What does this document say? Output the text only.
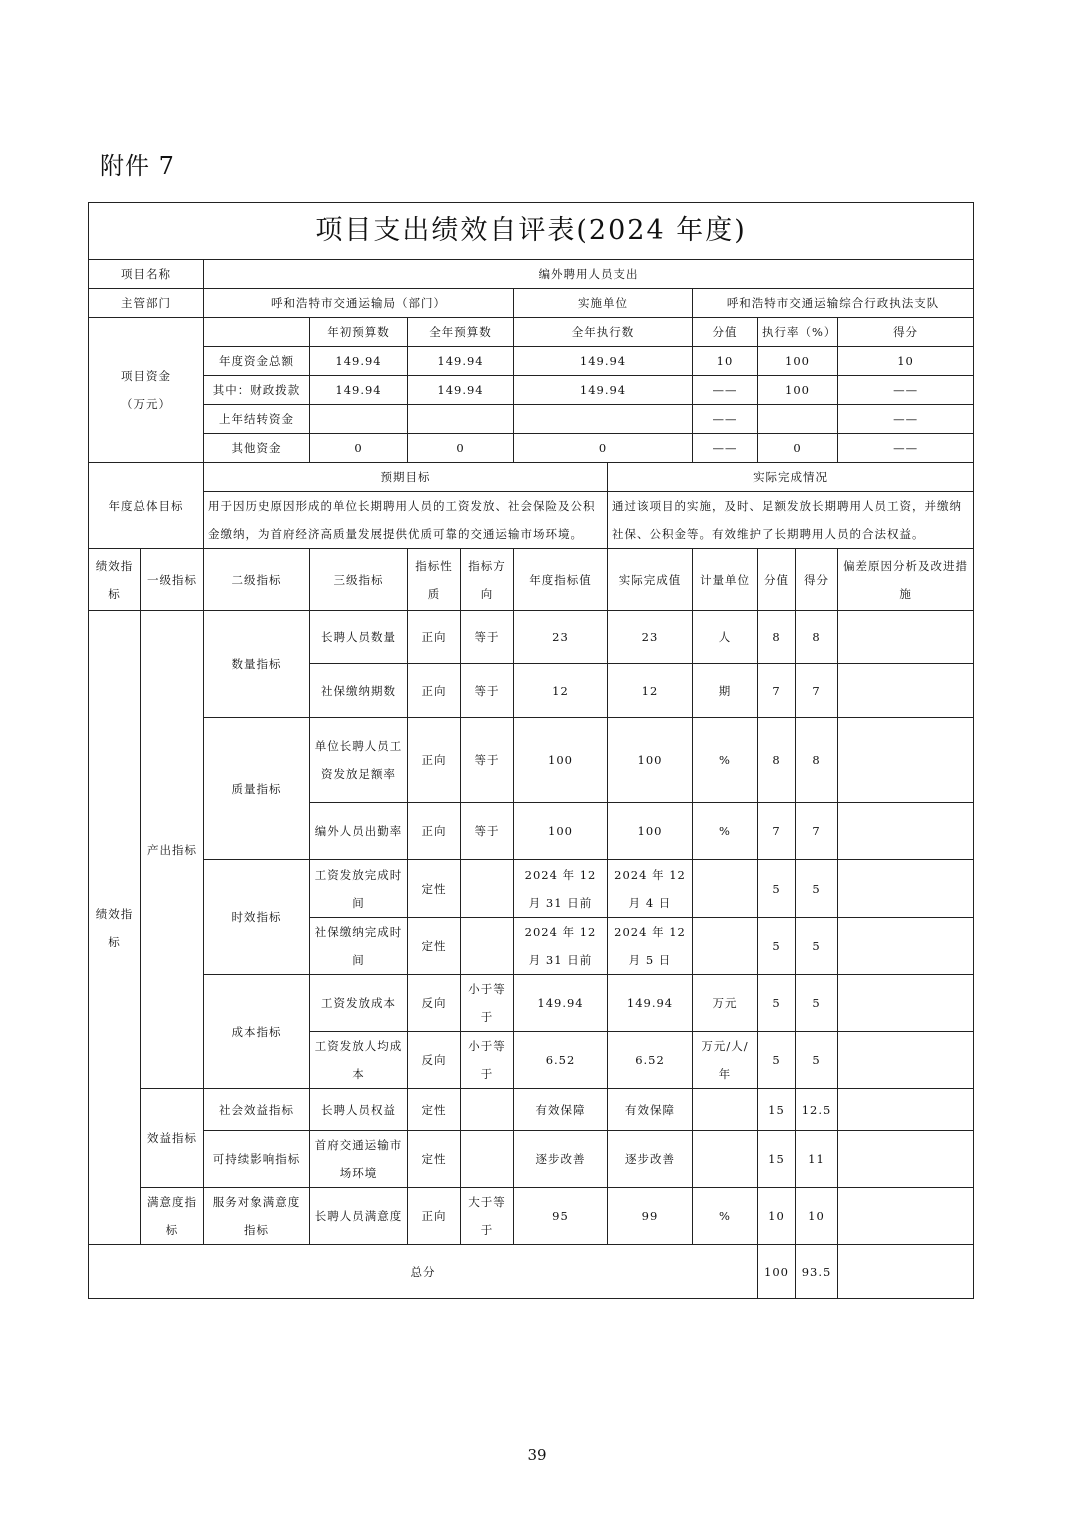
附件 7
项目支出绩效自评表(2024 年度)											
项目名称		编外聘用人员支出									
主管部门		呼和浩特市交通运输局（部门）				实施单位		呼和浩特市交通运输综合行政执法支队			

项目资金
（万元）			年初预算数	全年预算数		全年执行数		分值	执行率（%）		得分
		年度资金总额	149.94	149.94		149.94		10	100		10
		其中：财政拨款	149.94	149.94		149.94		——	100		——
		上年结转资金						——			——
		其他资金	0	0		0		——	0		——
年度总体目标		预期目标					实际完成情况				
		用于因历史原因形成的单位长期聘用人员的工资发放、社会保险及公积金缴纳，为首府经济高质量发展提供优质可靠的交通运输市场环境。					通过该项目的实施，及时、足额发放长期聘用人员工资，并缴纳社保、公积金等。有效维护了长期聘用人员的合法权益。				
绩效指标	一级指标	二级指标	三级指标	指标性质	指标方向	年度指标值	实际完成值	计量单位	分值	得分	偏差原因分析及改进措施
绩效指标	产出指标	数量指标	长聘人员数量	正向	等于	23	23	人	8	8	
			社保缴纳期数	正向	等于	12	12	期	7	7	
		质量指标	单位长聘人员工资发放足额率	正向	等于	100	100	%	8	8	
			编外人员出勤率	正向	等于	100	100	%	7	7	
		时效指标	工资发放完成时间	定性		2024 年 12 月 31 日前	2024 年 12 月 4 日		5	5	
			社保缴纳完成时间	定性		2024 年 12 月 31 日前	2024 年 12 月 5 日		5	5	
		成本指标	工资发放成本	反向	小于等于	149.94	149.94	万元	5	5	
			工资发放人均成本	反向	小于等于	6.52	6.52	万元/人/年	5	5	
	效益指标	社会效益指标	长聘人员权益	定性		有效保障	有效保障		15	12.5	
		可持续影响指标	首府交通运输市场环境	定性		逐步改善	逐步改善		15	11	
	满意度指标	服务对象满意度指标	长聘人员满意度	正向	大于等于	95	99	%	10	10	
总分									100	93.5	
39
